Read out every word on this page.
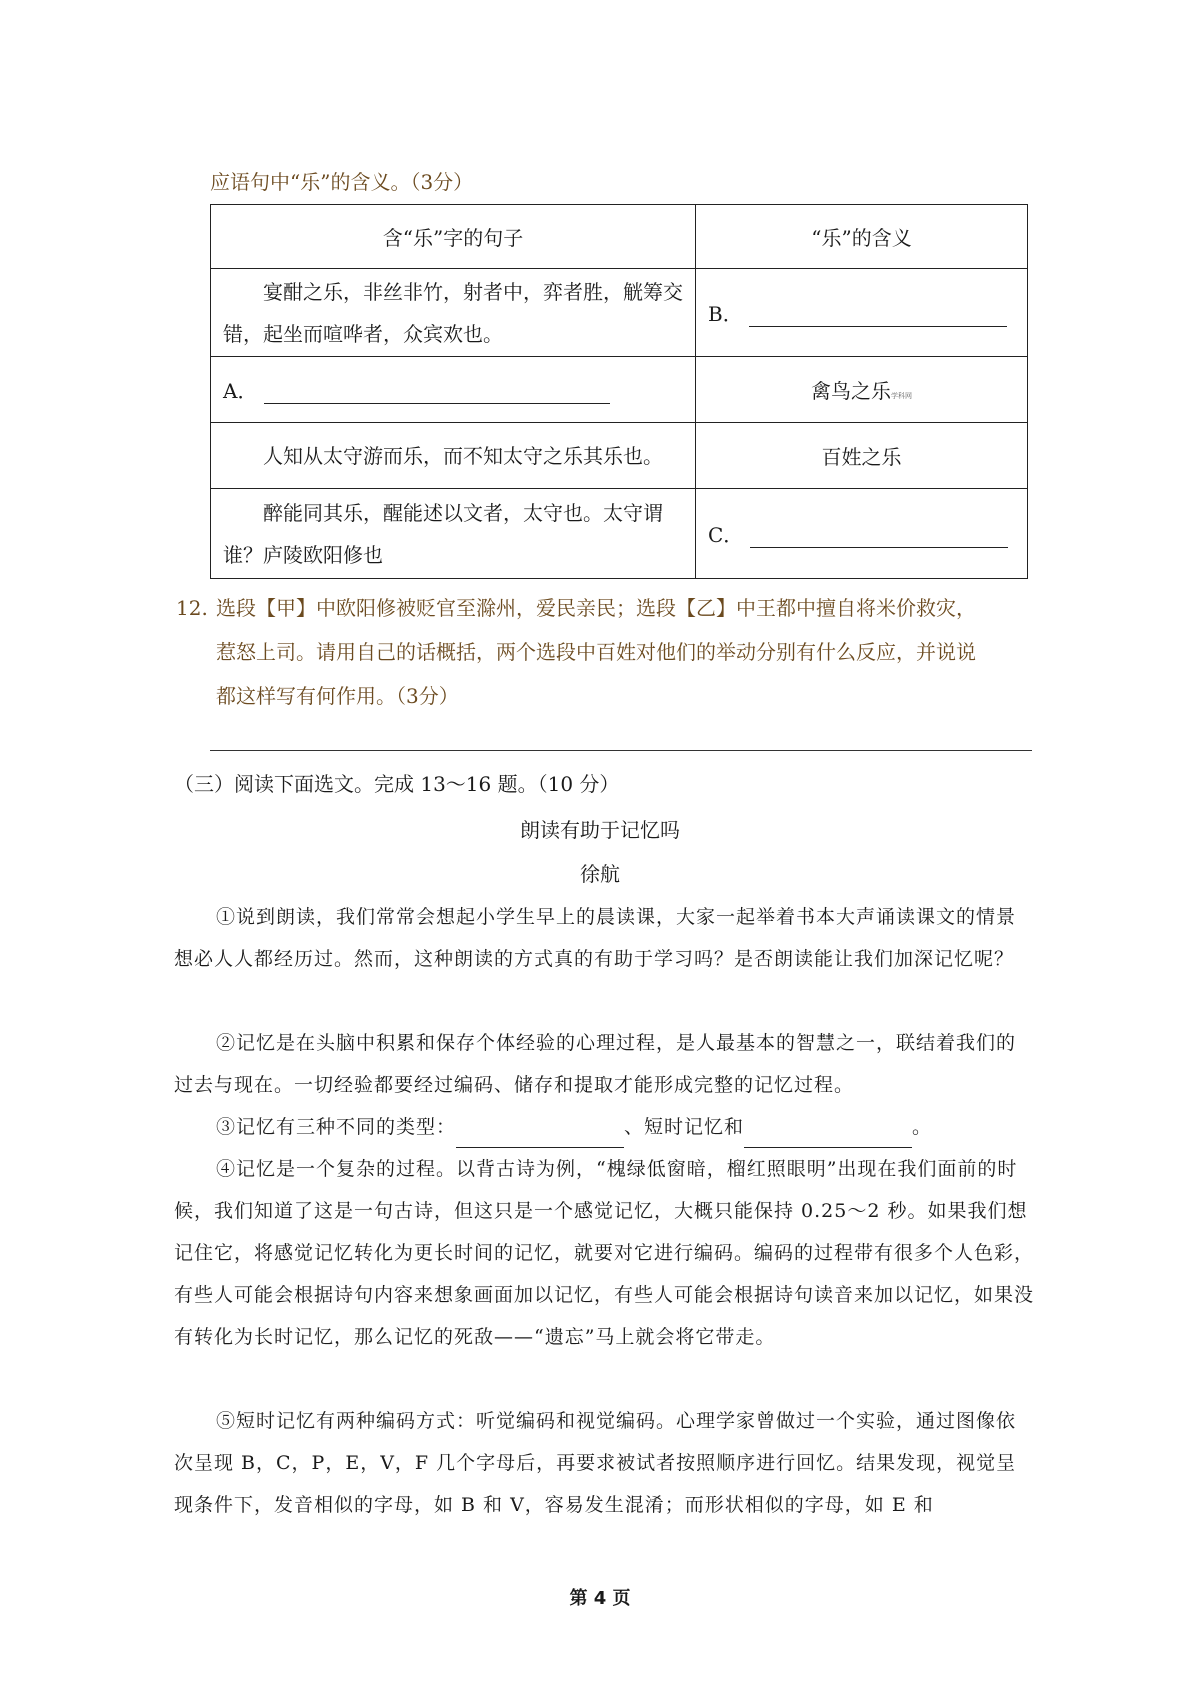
应语句中“乐”的含义。（3分）
含“乐”字的句子	“乐”的含义
宴酣之乐，非丝非竹，射者中，弈者胜，觥筹交错，起坐而喧哗者，众宾欢也。	B．
A．	禽鸟之乐学科网
人知从太守游而乐，而不知太守之乐其乐也。	百姓之乐
醉能同其乐，醒能述以文者，太守也。太守谓谁？庐陵欧阳修也	C．
12. 选段【甲】中欧阳修被贬官至滁州，爱民亲民；选段【乙】中王都中擅自将米价救灾，
惹怒上司。请用自己的话概括，两个选段中百姓对他们的举动分别有什么反应，并说说
都这样写有何作用。（3分）
（三）阅读下面选文。完成 13～16 题。（10 分）
朗读有助于记忆吗
徐航
①说到朗读，我们常常会想起小学生早上的晨读课，大家一起举着书本大声诵读课文的情景想必人人都经历过。然而，这种朗读的方式真的有助于学习吗？是否朗读能让我们加深记忆呢？
②记忆是在头脑中积累和保存个体经验的心理过程，是人最基本的智慧之一，联结着我们的过去与现在。一切经验都要经过编码、储存和提取才能形成完整的记忆过程。
③记忆有三种不同的类型：	、短时记忆和	。
④记忆是一个复杂的过程。以背古诗为例，“槐绿低窗暗，榴红照眼明”出现在我们面前的时候，我们知道了这是一句古诗，但这只是一个感觉记忆，大概只能保持 0.25～2 秒。如果我们想记住它，将感觉记忆转化为更长时间的记忆，就要对它进行编码。编码的过程带有很多个人色彩，有些人可能会根据诗句内容来想象画面加以记忆，有些人可能会根据诗句读音来加以记忆，如果没有转化为长时记忆，那么记忆的死敌——“遗忘”马上就会将它带走。
⑤短时记忆有两种编码方式：听觉编码和视觉编码。心理学家曾做过一个实验，通过图像依次呈现 B，C，P，E，V，F 几个字母后，再要求被试者按照顺序进行回忆。结果发现，视觉呈现条件下，发音相似的字母，如 B 和 V，容易发生混淆；而形状相似的字母，如 E 和
第 4 页
